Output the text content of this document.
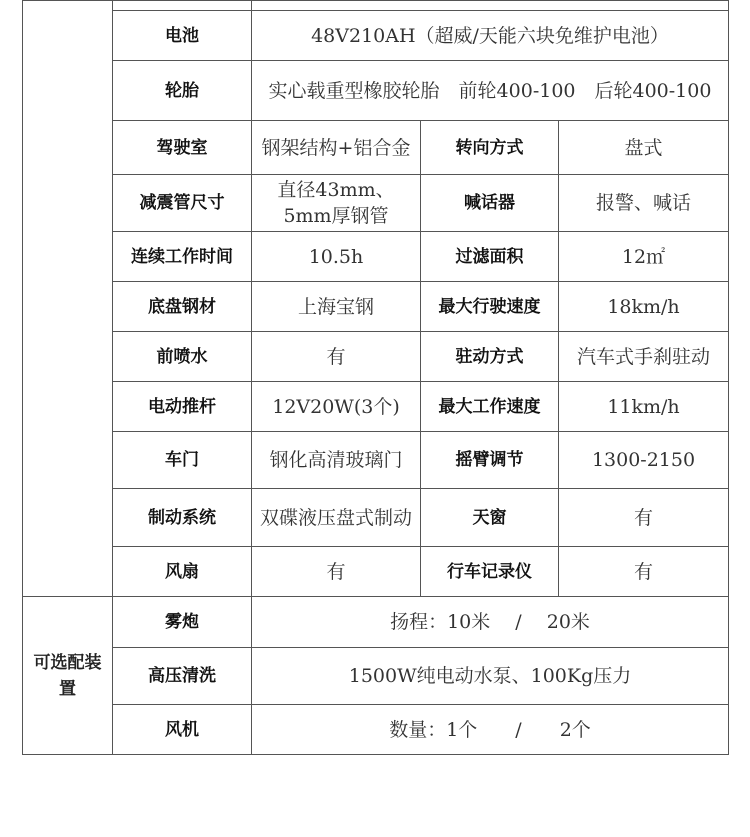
	电池	48V210AH（超威/天能六块免维护电池）		
	轮胎	实心载重型橡胶轮胎　前轮400-100　后轮400-100		
	驾驶室	钢架结构+铝合金	转向方式	盘式
	减震管尺寸	直径43mm、5mm厚钢管	喊话器	报警、喊话
	连续工作时间	10.5h	过滤面积	12㎡
	底盘钢材	上海宝钢	最大行驶速度	18km/h
	前喷水	有	驻动方式	汽车式手刹驻动
	电动推杆	12V20W(3个)	最大工作速度	11km/h
	车门	钢化高清玻璃门	摇臂调节	1300-2150
	制动系统	双碟液压盘式制动	天窗	有
	风扇	有	行车记录仪	有
可选配装置	雾炮	扬程：10米　 /　 20米		
	高压清洗	1500W纯电动水泵、100Kg压力		
	风机	数量：1个　　/　　2个		
